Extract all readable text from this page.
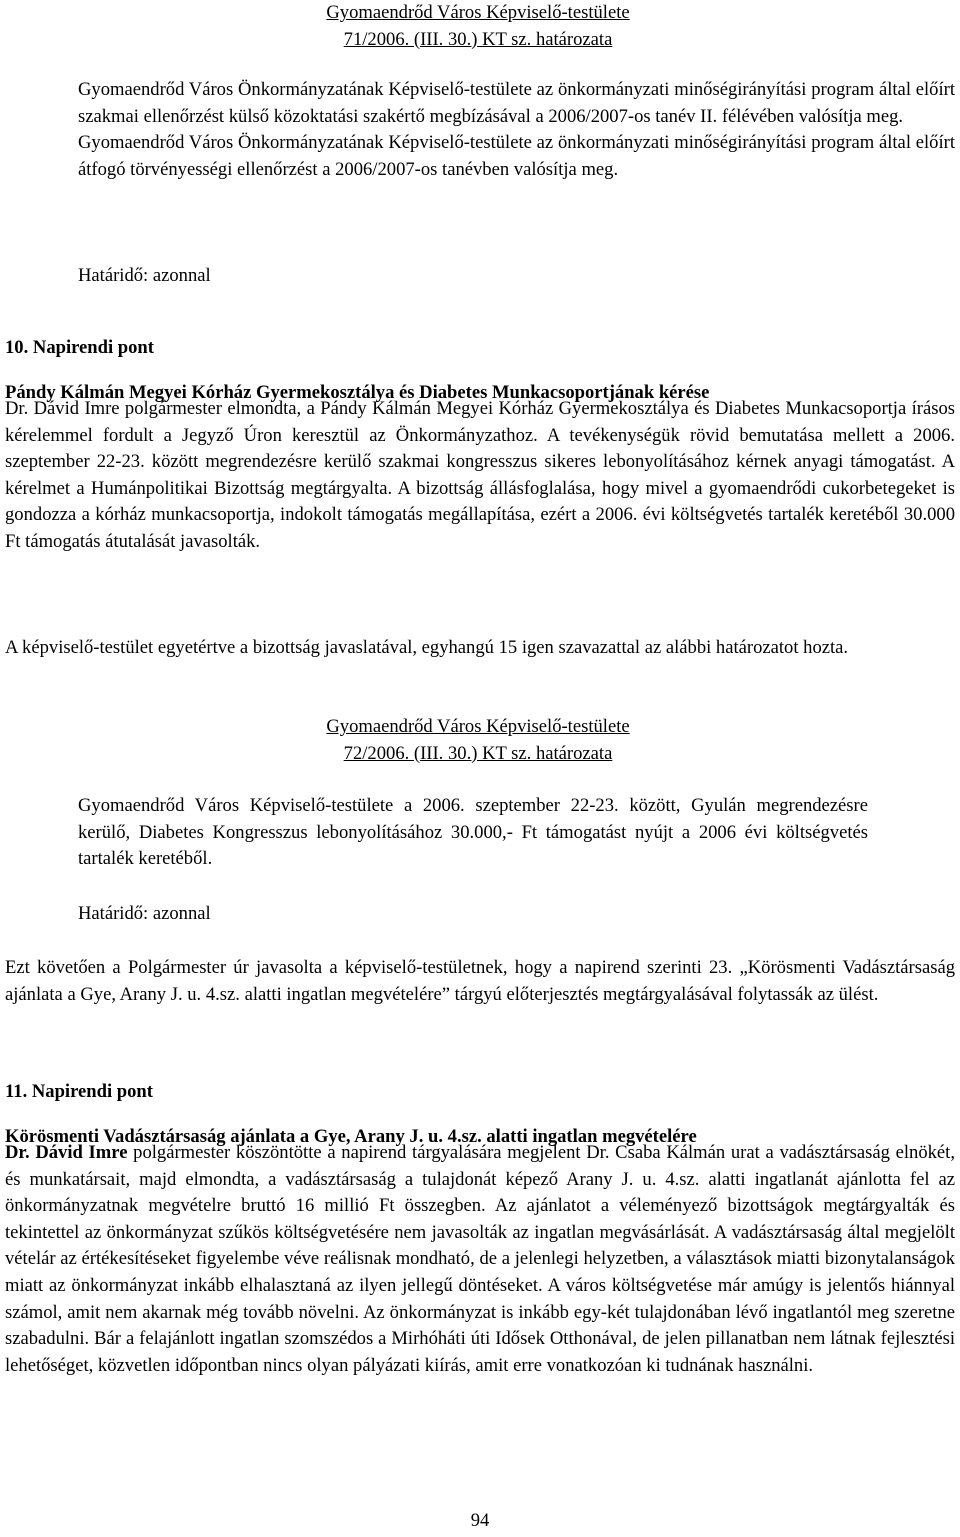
Gyomaendrőd Város Képviselő-testülete

71/2006. (III. 30.) KT sz. határozata

Gyomaendrőd Város Önkormányzatának Képviselő-testülete az önkormányzati minőségirányítási program által előírt szakmai ellenőrzést külső közoktatási szakértő megbízásával a 2006/2007-os tanév II. félévében valósítja meg.

Gyomaendrőd Város Önkormányzatának Képviselő-testülete az önkormányzati minőségirányítási program által előírt átfogó törvényességi ellenőrzést a 2006/2007-os tanévben valósítja meg.

Határidő: azonnal

10. Napirendi pont

Pándy Kálmán Megyei Kórház Gyermekosztálya és Diabetes Munkacsoportjának kérése

Dr. Dávid Imre polgármester elmondta, a Pándy Kálmán Megyei Kórház Gyermekosztálya és Diabetes Munkacsoportja írásos kérelemmel fordult a Jegyző Úron keresztül az Önkormányzathoz. A tevékenységük rövid bemutatása mellett a 2006. szeptember 22-23. között megrendezésre kerülő szakmai kongresszus sikeres lebonyolításához kérnek anyagi támogatást. A kérelmet a Humánpolitikai Bizottság megtárgyalta. A bizottság állásfoglalása, hogy mivel a gyomaendrődi cukorbetegeket is gondozza a kórház munkacsoportja, indokolt támogatás megállapítása, ezért a 2006. évi költségvetés tartalék keretéből 30.000 Ft támogatás átutalását javasolták.

A képviselő-testület egyetértve a bizottság javaslatával, egyhangú 15 igen szavazattal az alábbi határozatot hozta.

Gyomaendrőd Város Képviselő-testülete

72/2006. (III. 30.) KT sz. határozata

Gyomaendrőd Város Képviselő-testülete a 2006. szeptember 22-23. között, Gyulán megrendezésre kerülő, Diabetes Kongresszus lebonyolításához 30.000,- Ft támogatást nyújt a 2006 évi költségvetés tartalék keretéből.

Határidő: azonnal

Ezt követően a Polgármester úr javasolta a képviselő-testületnek, hogy a napirend szerinti 23. „Körösmenti Vadásztársaság ajánlata a Gye, Arany J. u. 4.sz. alatti ingatlan megvételére” tárgyú előterjesztés megtárgyalásával folytassák az ülést.

11. Napirendi pont

Körösmenti Vadásztársaság ajánlata a Gye, Arany J. u. 4.sz. alatti ingatlan megvételére

Dr. Dávid Imre polgármester köszöntötte a napirend tárgyalására megjelent Dr. Csaba Kálmán urat a vadásztársaság elnökét, és munkatársait, majd elmondta, a vadásztársaság a tulajdonát képező Arany J. u. 4.sz. alatti ingatlanát ajánlotta fel az önkormányzatnak megvételre bruttó 16 millió Ft összegben. Az ajánlatot a véleményező bizottságok megtárgyalták és tekintettel az önkormányzat szűkös költségvetésére nem javasolták az ingatlan megvásárlását. A vadásztársaság által megjelölt vételár az értékesítéseket figyelembe véve reálisnak mondható, de a jelenlegi helyzetben, a választások miatti bizonytalanságok miatt az önkormányzat inkább elhalasztaná az ilyen jellegű döntéseket. A város költségvetése már amúgy is jelentős hiánnyal számol, amit nem akarnak még tovább növelni. Az önkormányzat is inkább egy-két tulajdonában lévő ingatlantól meg szeretne szabadulni. Bár a felajánlott ingatlan szomszédos a Mirhóháti úti Idősek Otthonával, de jelen pillanatban nem látnak fejlesztési lehetőséget, közvetlen időpontban nincs olyan pályázati kiírás, amit erre vonatkozóan ki tudnának használni.

94
